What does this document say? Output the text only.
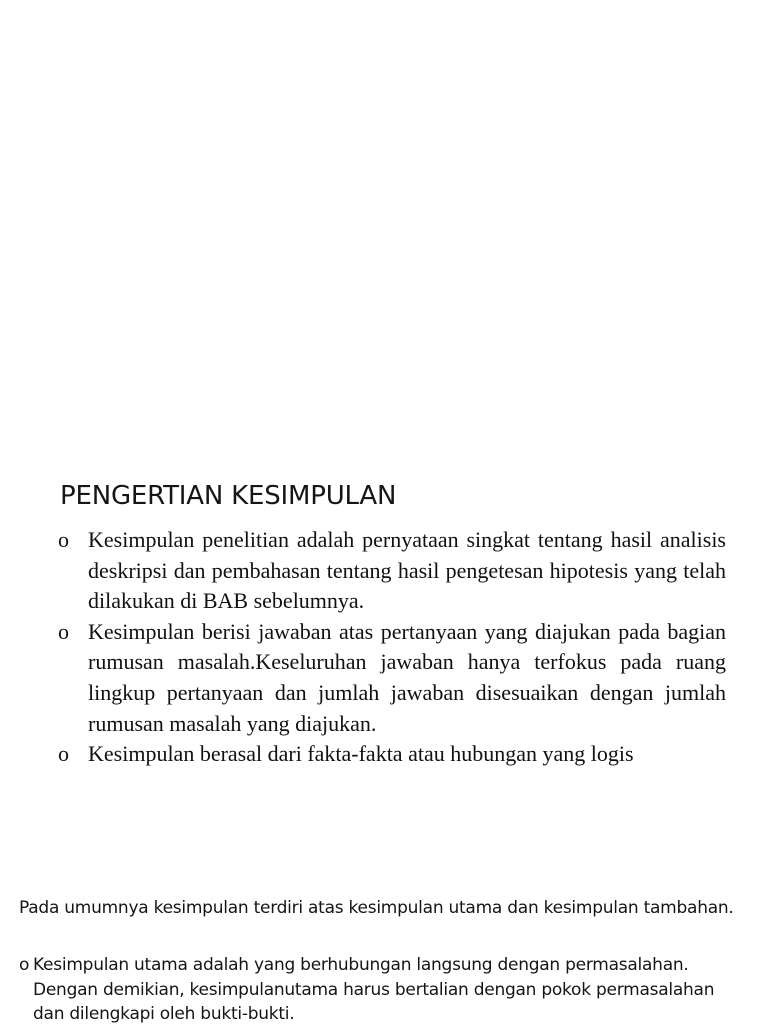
PENGERTIAN KESIMPULAN
o Kesimpulan penelitian adalah pernyataan singkat tentang hasil analisis deskripsi dan pembahasan tentang hasil pengetesan hipotesis yang telah dilakukan di BAB sebelumnya.
o Kesimpulan berisi jawaban atas pertanyaan yang diajukan pada bagian rumusan masalah.Keseluruhan jawaban hanya terfokus pada ruang lingkup pertanyaan dan jumlah jawaban disesuaikan dengan jumlah rumusan masalah yang diajukan.
o Kesimpulan berasal dari fakta-fakta atau hubungan yang logis

Pada umumnya kesimpulan terdiri atas kesimpulan utama dan kesimpulan tambahan.

o Kesimpulan utama adalah yang berhubungan langsung dengan permasalahan. Dengan demikian, kesimpulanutama harus bertalian dengan pokok permasalahan dan dilengkapi oleh bukti-bukti.
